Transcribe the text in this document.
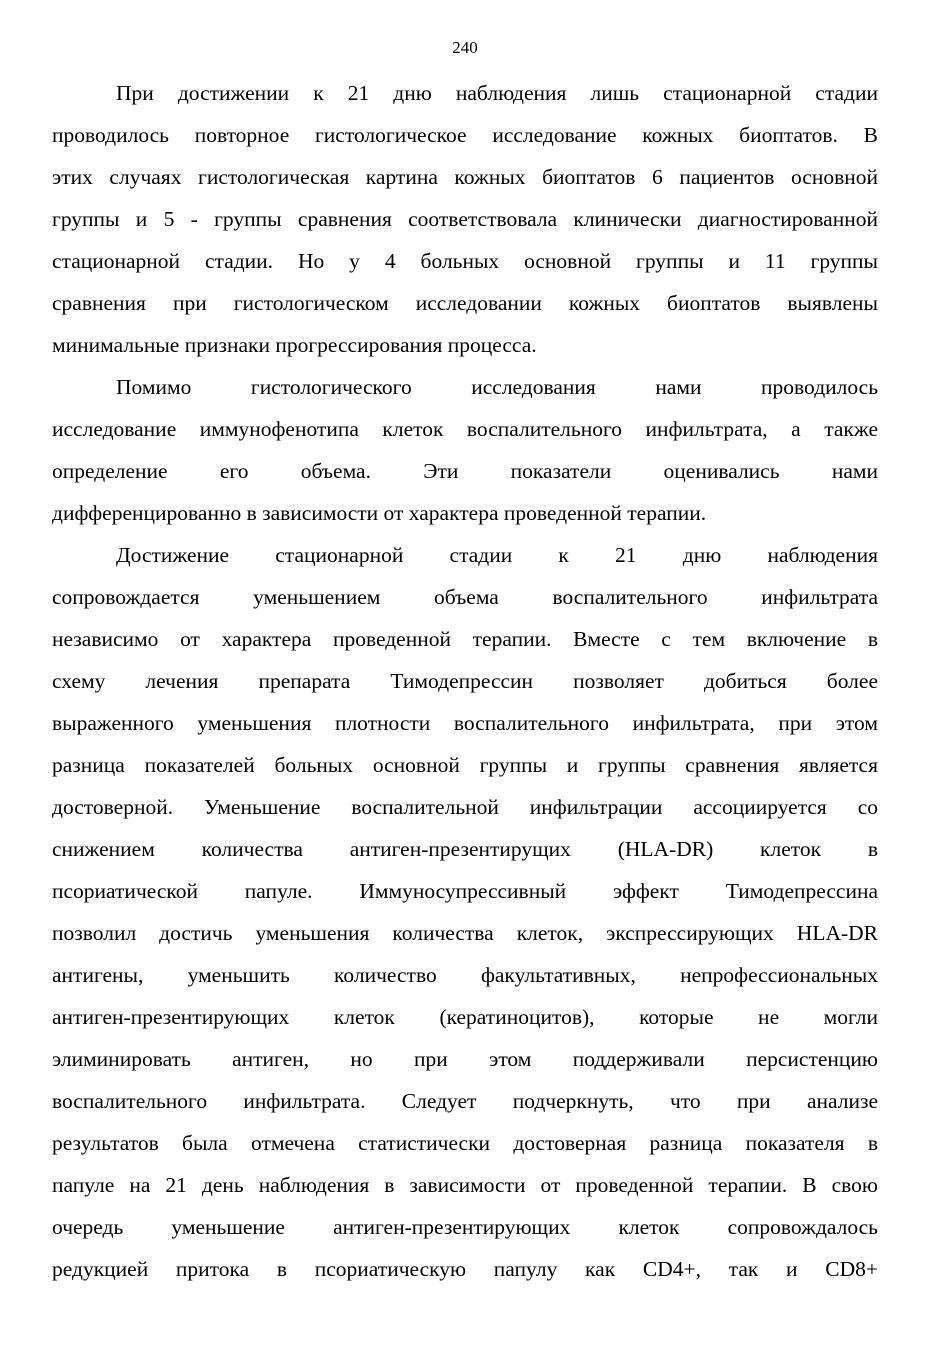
240
При достижении к 21 дню наблюдения лишь стационарной стадии
проводилось повторное гистологическое исследование кожных биоптатов. В
этих случаях гистологическая картина кожных биоптатов 6 пациентов основной
группы и 5 - группы сравнения соответствовала клинически диагностированной
стационарной стадии. Но у 4 больных основной группы и 11 группы
сравнения при гистологическом исследовании кожных биоптатов выявлены
минимальные признаки прогрессирования процесса.
Помимо гистологического исследования нами проводилось
исследование иммунофенотипа клеток воспалительного инфильтрата, а также
определение его объема. Эти показатели оценивались нами
дифференцированно в зависимости от характера проведенной терапии.
Достижение стационарной стадии к 21 дню наблюдения
сопровождается уменьшением объема воспалительного инфильтрата
независимо от характера проведенной терапии. Вместе с тем включение в
схему лечения препарата Тимодепрессин позволяет добиться более
выраженного уменьшения плотности воспалительного инфильтрата, при этом
разница показателей больных основной группы и группы сравнения является
достоверной. Уменьшение воспалительной инфильтрации ассоциируется со
снижением количества антиген-презентирущих (HLA-DR) клеток в
псориатической папуле. Иммуносупрессивный эффект Тимодепрессина
позволил достичь уменьшения количества клеток, экспрессирующих HLA-DR
антигены, уменьшить количество факультативных, непрофессиональных
антиген-презентирующих клеток (кератиноцитов), которые не могли
элиминировать антиген, но при этом поддерживали персистенцию
воспалительного инфильтрата. Следует подчеркнуть, что при анализе
результатов была отмечена статистически достоверная разница показателя в
папуле на 21 день наблюдения в зависимости от проведенной терапии. В свою
очередь уменьшение антиген-презентирующих клеток сопровождалось
редукцией притока в псориатическую папулу как CD4+, так и CD8+
